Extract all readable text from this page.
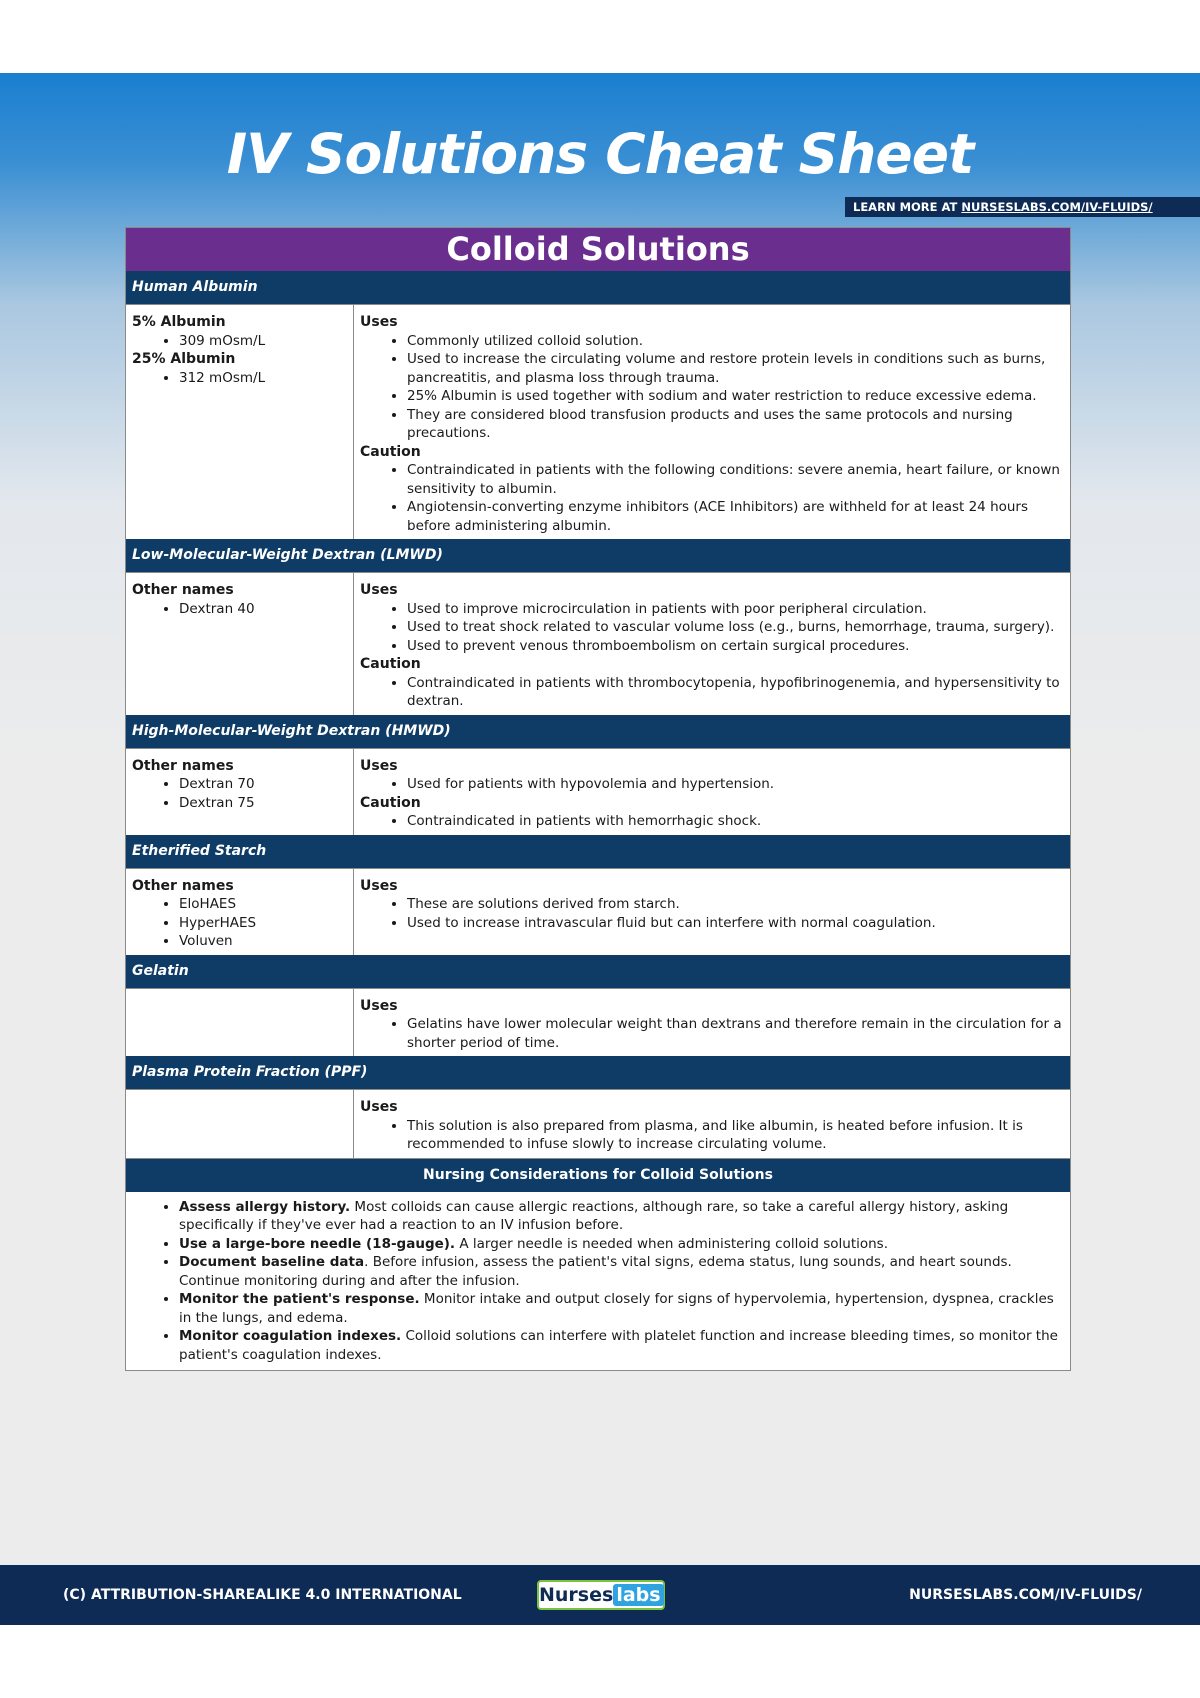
IV Solutions Cheat Sheet
LEARN MORE AT NURSESLABS.COM/IV-FLUIDS/
Colloid Solutions
Human Albumin
5% Albumin
• 309 mOsm/L
25% Albumin
• 312 mOsm/L
Uses
• Commonly utilized colloid solution.
• Used to increase the circulating volume and restore protein levels in conditions such as burns, pancreatitis, and plasma loss through trauma.
• 25% Albumin is used together with sodium and water restriction to reduce excessive edema.
• They are considered blood transfusion products and uses the same protocols and nursing precautions.
Caution
• Contraindicated in patients with the following conditions: severe anemia, heart failure, or known sensitivity to albumin.
• Angiotensin-converting enzyme inhibitors (ACE Inhibitors) are withheld for at least 24 hours before administering albumin.
Low-Molecular-Weight Dextran (LMWD)
Other names
• Dextran 40
Uses
• Used to improve microcirculation in patients with poor peripheral circulation.
• Used to treat shock related to vascular volume loss (e.g., burns, hemorrhage, trauma, surgery).
• Used to prevent venous thromboembolism on certain surgical procedures.
Caution
• Contraindicated in patients with thrombocytopenia, hypofibrinogenemia, and hypersensitivity to dextran.
High-Molecular-Weight Dextran (HMWD)
Other names
• Dextran 70
• Dextran 75
Uses
• Used for patients with hypovolemia and hypertension.
Caution
• Contraindicated in patients with hemorrhagic shock.
Etherified Starch
Other names
• EloHAES
• HyperHAES
• Voluven
Uses
• These are solutions derived from starch.
• Used to increase intravascular fluid but can interfere with normal coagulation.
Gelatin
Uses
• Gelatins have lower molecular weight than dextrans and therefore remain in the circulation for a shorter period of time.
Plasma Protein Fraction (PPF)
Uses
• This solution is also prepared from plasma, and like albumin, is heated before infusion. It is recommended to infuse slowly to increase circulating volume.
Nursing Considerations for Colloid Solutions
• Assess allergy history. Most colloids can cause allergic reactions, although rare, so take a careful allergy history, asking specifically if they've ever had a reaction to an IV infusion before.
• Use a large-bore needle (18-gauge). A larger needle is needed when administering colloid solutions.
• Document baseline data. Before infusion, assess the patient's vital signs, edema status, lung sounds, and heart sounds. Continue monitoring during and after the infusion.
• Monitor the patient's response. Monitor intake and output closely for signs of hypervolemia, hypertension, dyspnea, crackles in the lungs, and edema.
• Monitor coagulation indexes. Colloid solutions can interfere with platelet function and increase bleeding times, so monitor the patient's coagulation indexes.
(C) ATTRIBUTION-SHAREALIKE 4.0 INTERNATIONAL	Nurses labs	NURSESLABS.COM/IV-FLUIDS/
